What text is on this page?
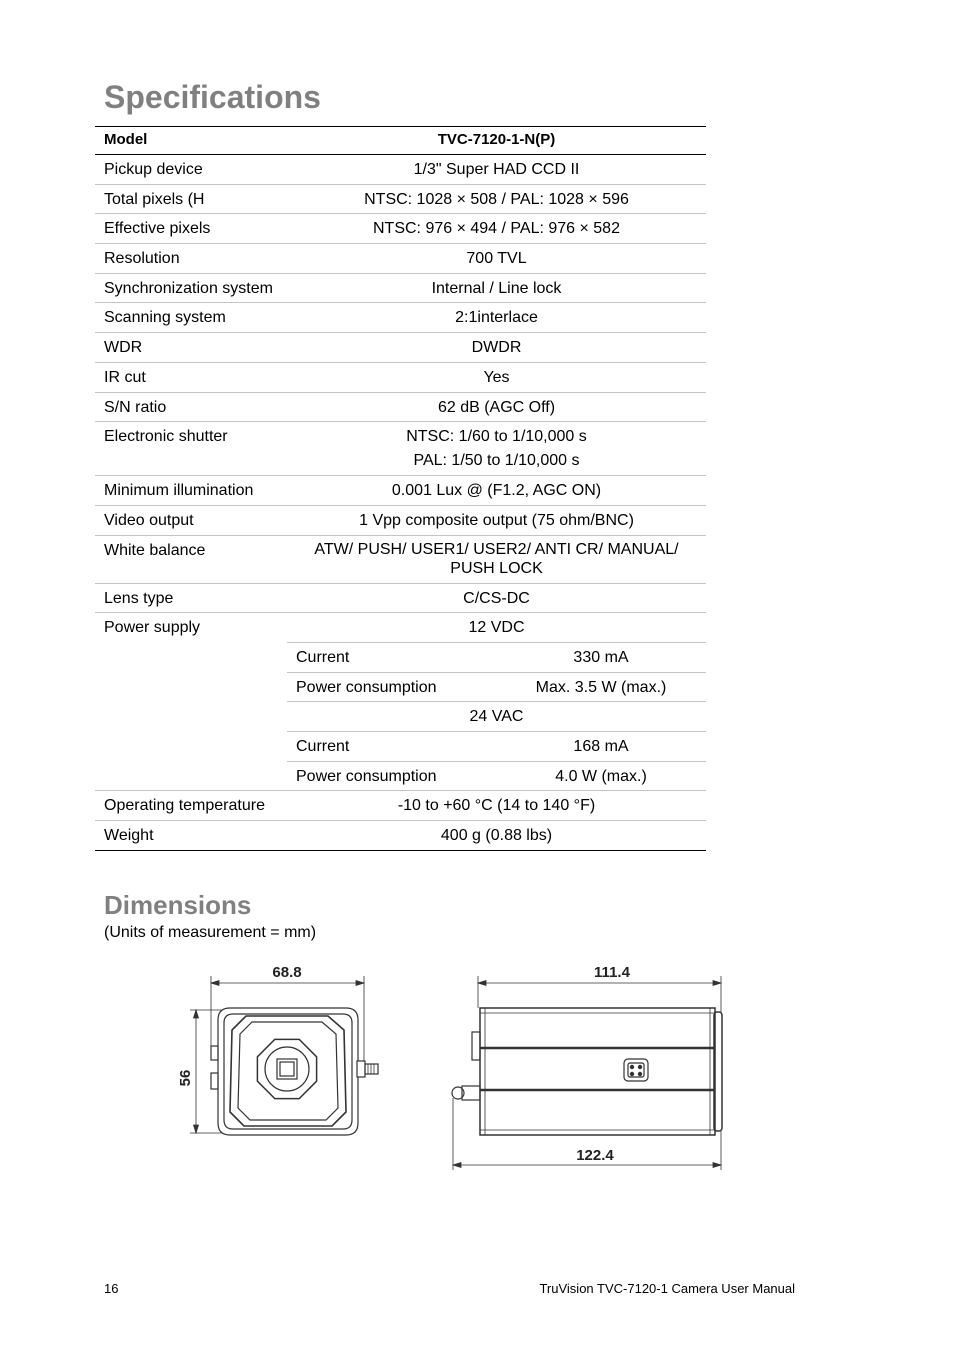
Specifications
Model	TVC-7120-1-N(P)
Pickup device	1/3" Super HAD CCD II
Total pixels (H	NTSC: 1028 × 508 / PAL: 1028 × 596
Effective pixels	NTSC: 976 × 494 / PAL: 976 × 582
Resolution	700 TVL
Synchronization system	Internal / Line lock
Scanning system	2:1interlace
WDR	DWDR
IR cut	Yes
S/N ratio	62 dB (AGC Off)
Electronic shutter	NTSC: 1/60 to 1/10,000 s
PAL: 1/50 to 1/10,000 s
Minimum illumination	0.001 Lux @ (F1.2, AGC ON)
Video output	1 Vpp composite output (75 ohm/BNC)
White balance	ATW/ PUSH/ USER1/ USER2/ ANTI CR/ MANUAL/ PUSH LOCK
Lens type	C/CS-DC
Power supply	12 VDC
Current	330 mA
Power consumption	Max. 3.5 W (max.)
24 VAC
Current	168 mA
Power consumption	4.0 W (max.)
Operating temperature	-10 to +60 °C (14 to 140 °F)
Weight	400 g (0.88 lbs)
Dimensions
(Units of measurement = mm)
68.8
56
111.4
122.4
16	TruVision TVC-7120-1 Camera User Manual
